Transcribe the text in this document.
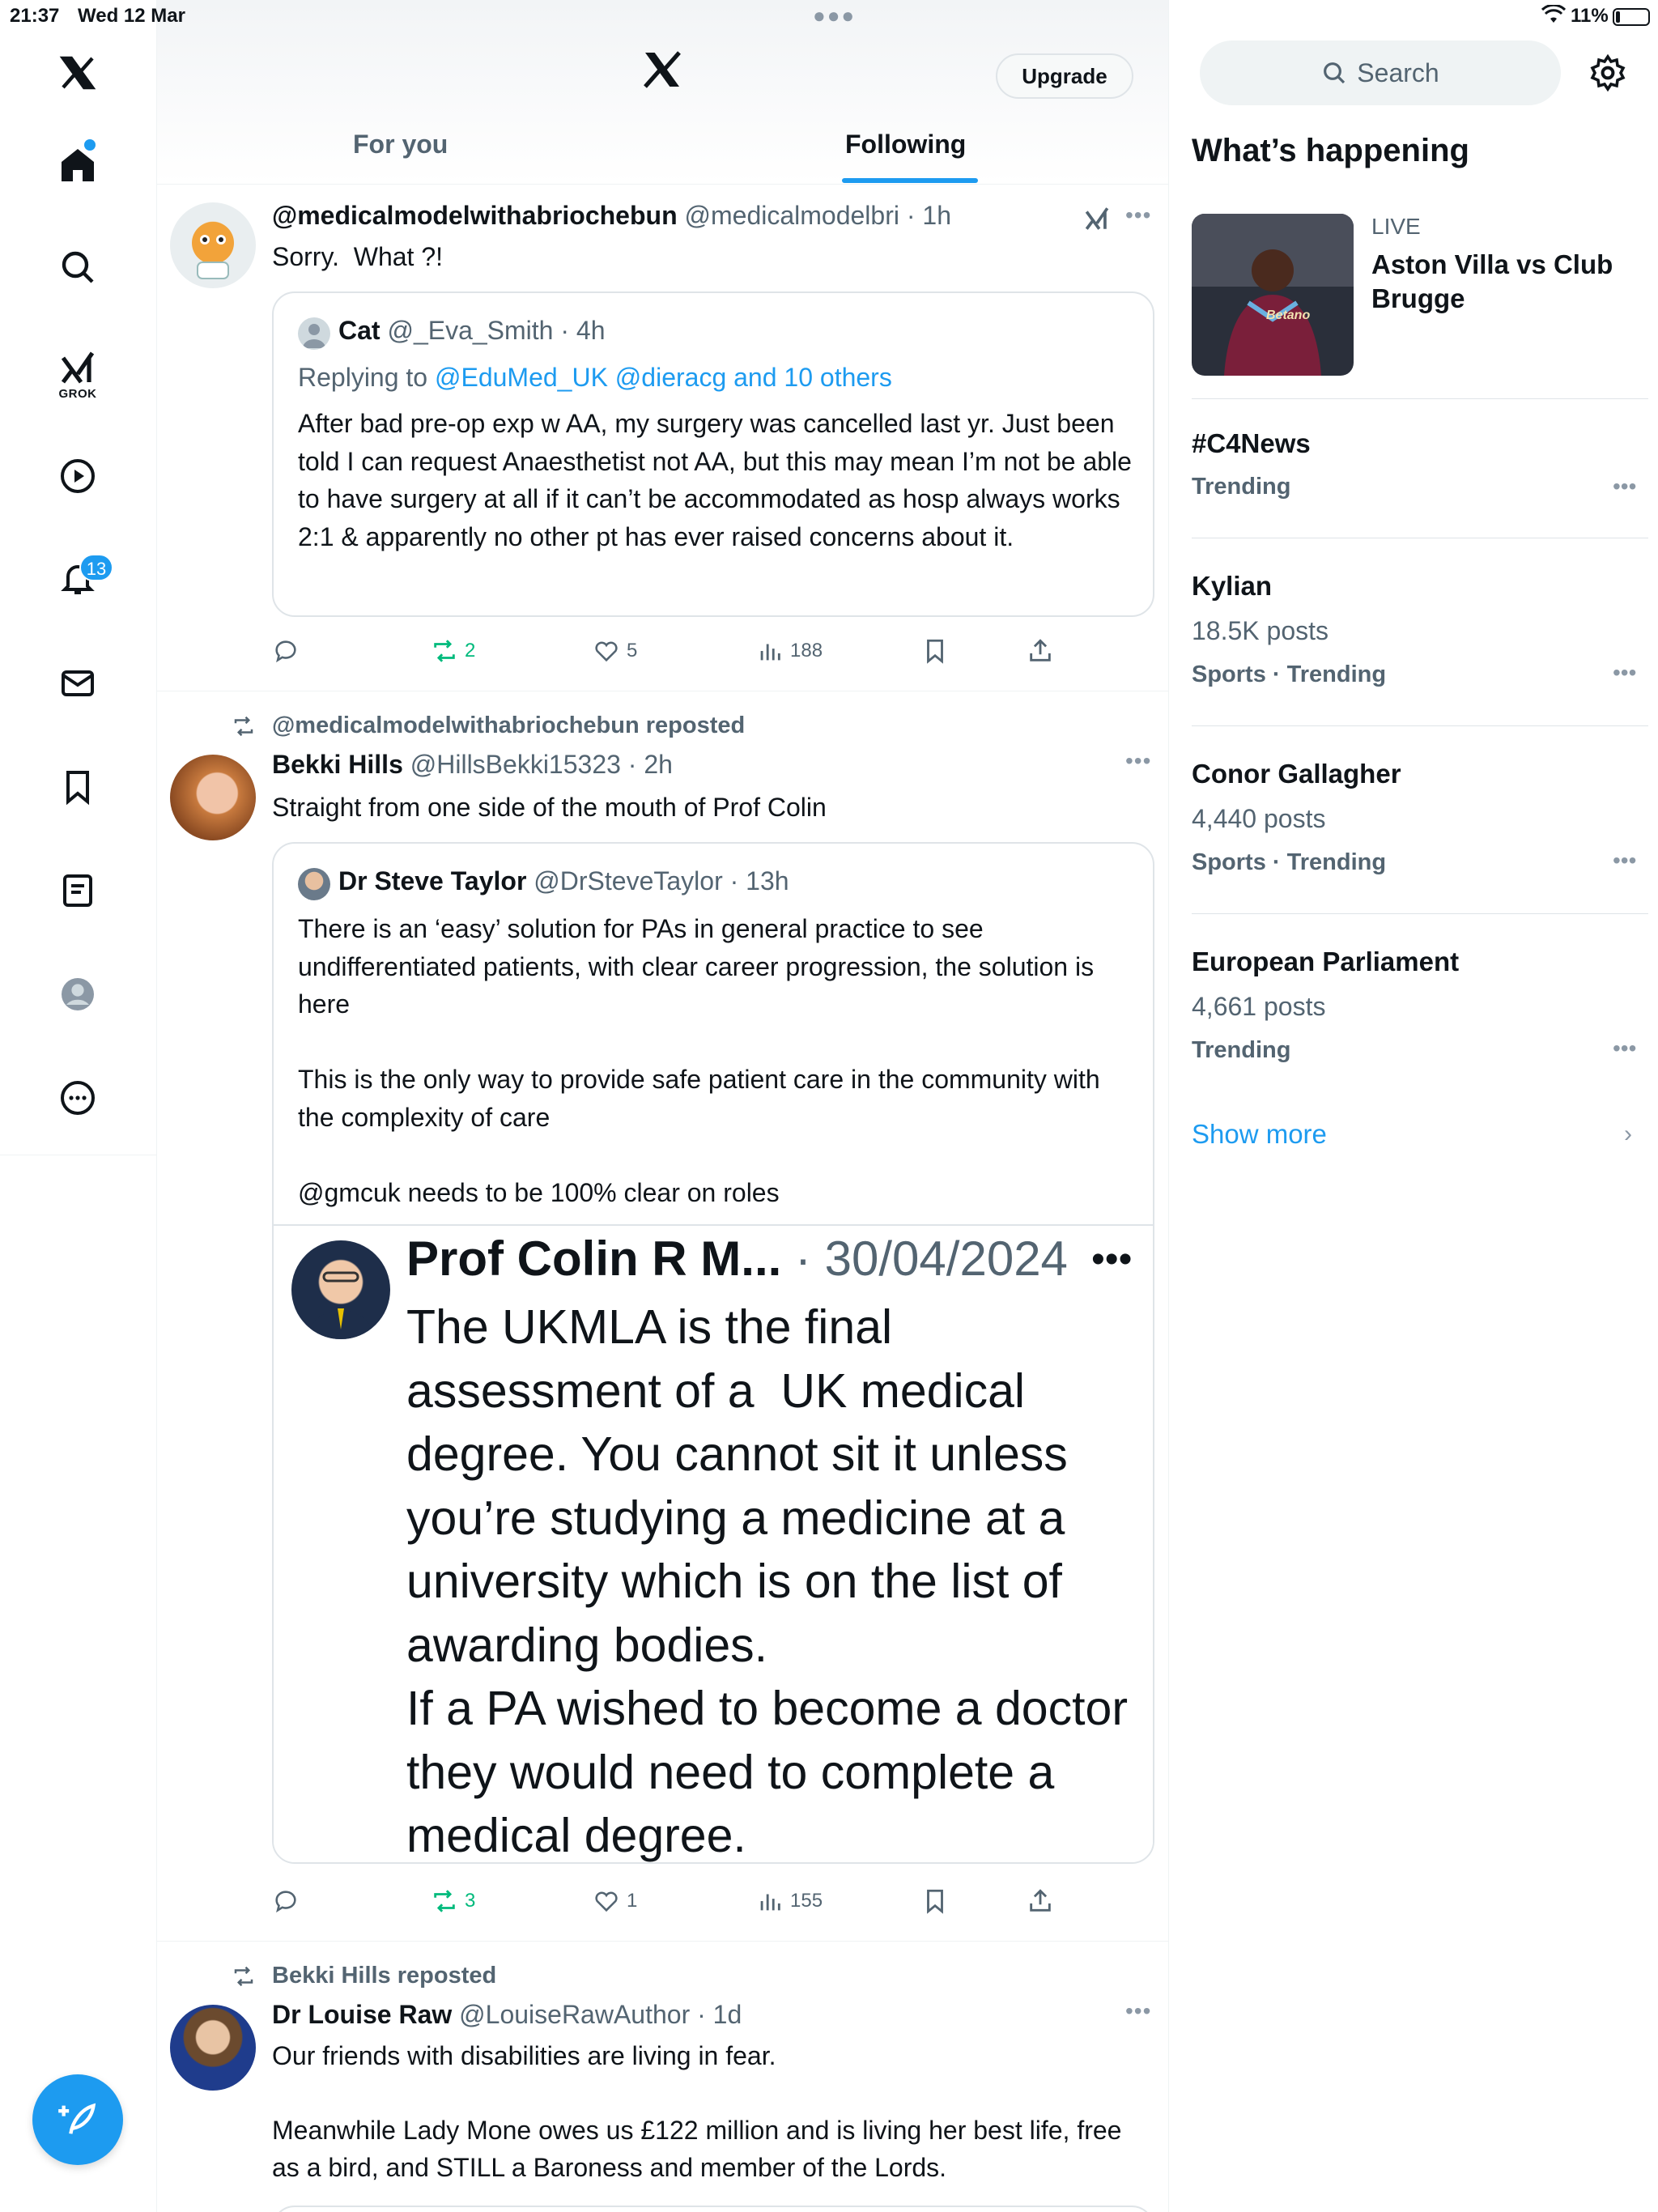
21:37 Wed 12 Mar	●●●	11%
GROK
13
Upgrade
For you	Following
@medicalmodelwithabriochebun @medicalmodelbri · 1h	•••
Sorry.  What ?!
Cat @_Eva_Smith · 4h
Replying to @EduMed_UK @dieracg and 10 others
After bad pre-op exp w AA, my surgery was cancelled last yr. Just been told I can request Anaesthetist not AA, but this may mean I’m not be able to have surgery at all if it can’t be accommodated as hosp always works 2:1 & apparently no other pt has ever raised concerns about it.
2	5	188
@medicalmodelwithabriochebun reposted
Bekki Hills @HillsBekki15323 · 2h	•••
Straight from one side of the mouth of Prof Colin
Dr Steve Taylor @DrSteveTaylor · 13h
There is an ‘easy’ solution for PAs in general practice to see undifferentiated patients, with clear career progression, the solution is here

This is the only way to provide safe patient care in the community with the complexity of care

@gmcuk needs to be 100% clear on roles
Prof Colin R M... · 30/04/2024 •••
The UKMLA is the final assessment of a  UK medical degree. You cannot sit it unless you’re studying a medicine at a university which is on the list of awarding bodies.
If a PA wished to become a doctor they would need to complete a medical degree.
3	1	155
Bekki Hills reposted
Dr Louise Raw @LouiseRawAuthor · 1d	•••
Our friends with disabilities are living in fear.

Meanwhile Lady Mone owes us £122 million and is living her best life, free as a bird, and STILL a Baroness and member of the Lords.
Search
What’s happening
Betano
LIVE
Aston Villa vs Club Brugge
#C4News
Trending	•••
Kylian
18.5K posts
Sports · Trending	•••
Conor Gallagher
4,440 posts
Sports · Trending	•••
European Parliament
4,661 posts
Trending	•••
Show more	›
